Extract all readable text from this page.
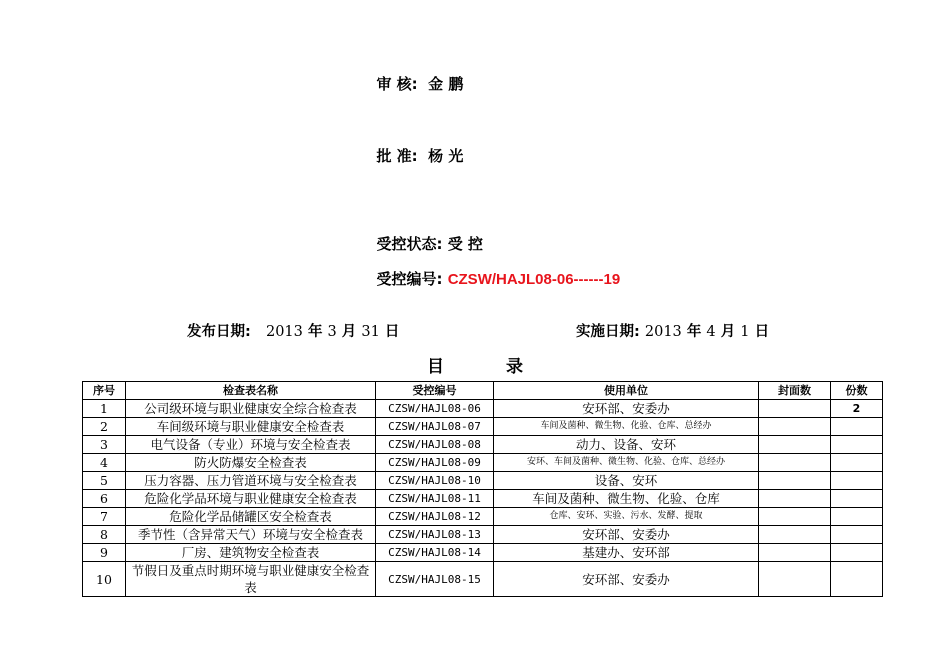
审 核: 金 鹏

批 准: 杨 光

受控状态: 受 控

受控编号: CZSW/HAJL08-06------19

发布日期: 2013 年 3 月 31 日	实施日期: 2013 年 4 月 1 日
目 录
序号	检查表名称	受控编号	使用单位	封面数	份数
1	公司级环境与职业健康安全综合检查表	CZSW/HAJL08-06	安环部、安委办		2
2	车间级环境与职业健康安全检查表	CZSW/HAJL08-07	车间及菌种、微生物、化验、仓库、总经办		
3	电气设备（专业）环境与安全检查表	CZSW/HAJL08-08	动力、设备、安环		
4	防火防爆安全检查表	CZSW/HAJL08-09	安环、车间及菌种、微生物、化验、仓库、总经办		
5	压力容器、压力管道环境与安全检查表	CZSW/HAJL08-10	设备、安环		
6	危险化学品环境与职业健康安全检查表	CZSW/HAJL08-11	车间及菌种、微生物、化验、仓库		
7	危险化学品储罐区安全检查表	CZSW/HAJL08-12	仓库、安环、实验、污水、发酵、提取		
8	季节性（含异常天气）环境与安全检查表	CZSW/HAJL08-13	安环部、安委办		
9	厂房、建筑物安全检查表	CZSW/HAJL08-14	基建办、安环部		
10	节假日及重点时期环境与职业健康安全检查表	CZSW/HAJL08-15	安环部、安委办		
